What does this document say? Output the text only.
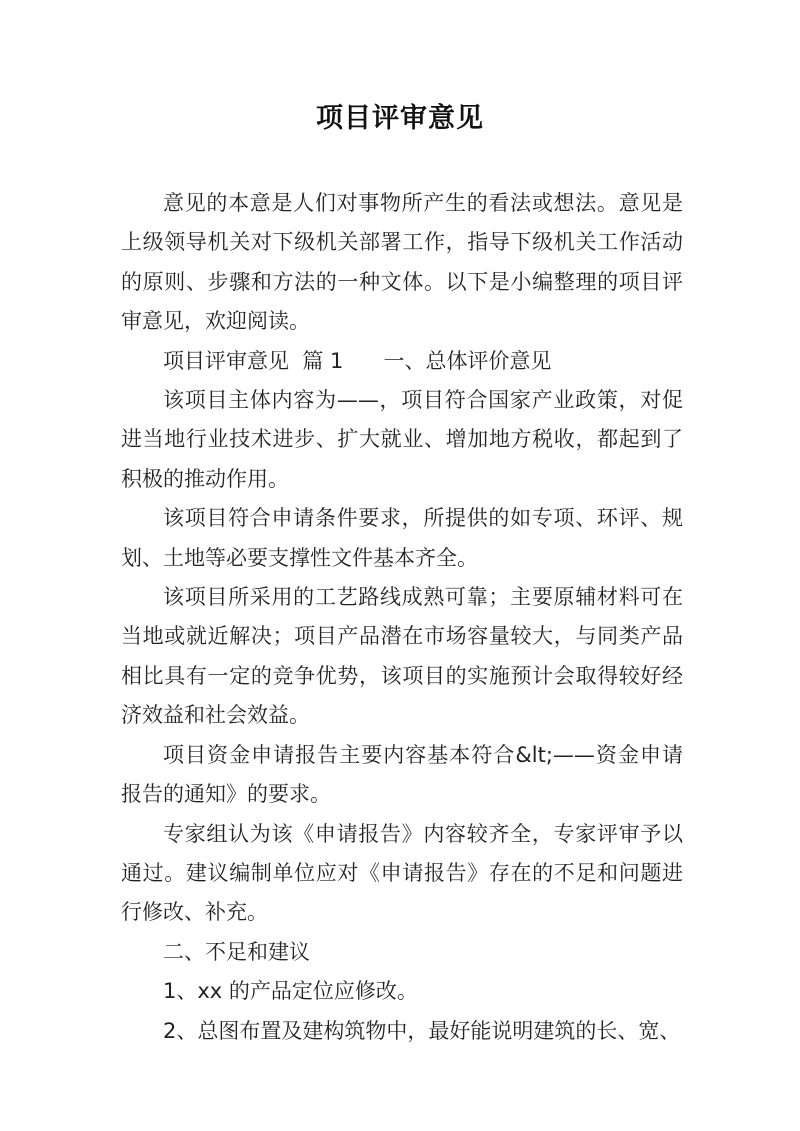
项目评审意见

意见的本意是人们对事物所产生的看法或想法。意见是上级领导机关对下级机关部署工作，指导下级机关工作活动的原则、步骤和方法的一种文体。以下是小编整理的项目评审意见，欢迎阅读。

项目评审意见  篇 1      一、总体评价意见

该项目主体内容为——，项目符合国家产业政策，对促进当地行业技术进步、扩大就业、增加地方税收，都起到了积极的推动作用。

该项目符合申请条件要求，所提供的如专项、环评、规划、土地等必要支撑性文件基本齐全。

该项目所采用的工艺路线成熟可靠；主要原辅材料可在当地或就近解决；项目产品潜在市场容量较大，与同类产品相比具有一定的竞争优势，该项目的实施预计会取得较好经济效益和社会效益。

项目资金申请报告主要内容基本符合&lt;——资金申请报告的通知》的要求。

专家组认为该《申请报告》内容较齐全，专家评审予以通过。建议编制单位应对《申请报告》存在的不足和问题进行修改、补充。

二、不足和建议

1、xx 的产品定位应修改。

2、总图布置及建构筑物中，最好能说明建筑的长、宽、
